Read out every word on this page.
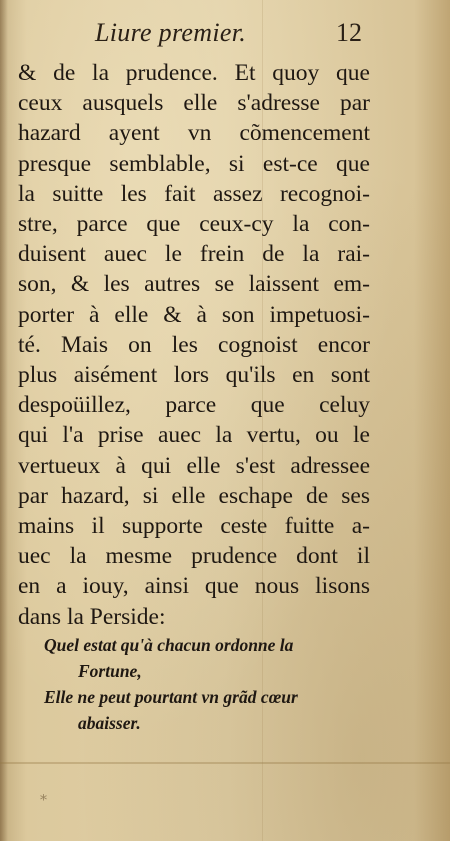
Liure premier.	12
& de la prudence. Et quoy que
ceux ausquels elle s'adresse par
hazard ayent vn cõmencement
presque semblable, si est-ce que
la suitte les fait assez recognoi-
stre, parce que ceux-cy la con-
duisent auec le frein de la rai-
son, & les autres se laissent em-
porter à elle & à son impetuosi-
té. Mais on les cognoist encor
plus aisément lors qu'ils en sont
despoüillez, parce que celuy
qui l'a prise auec la vertu, ou le
vertueux à qui elle s'est adressee
par hazard, si elle eschape de ses
mains il supporte ceste fuitte a-
uec la mesme prudence dont il
en a iouy, ainsi que nous lisons
dans la Perside:
Quel estat qu'à chacun ordonne la
Fortune,
Elle ne peut pourtant vn grãd cœur
abaisser.
⁎
